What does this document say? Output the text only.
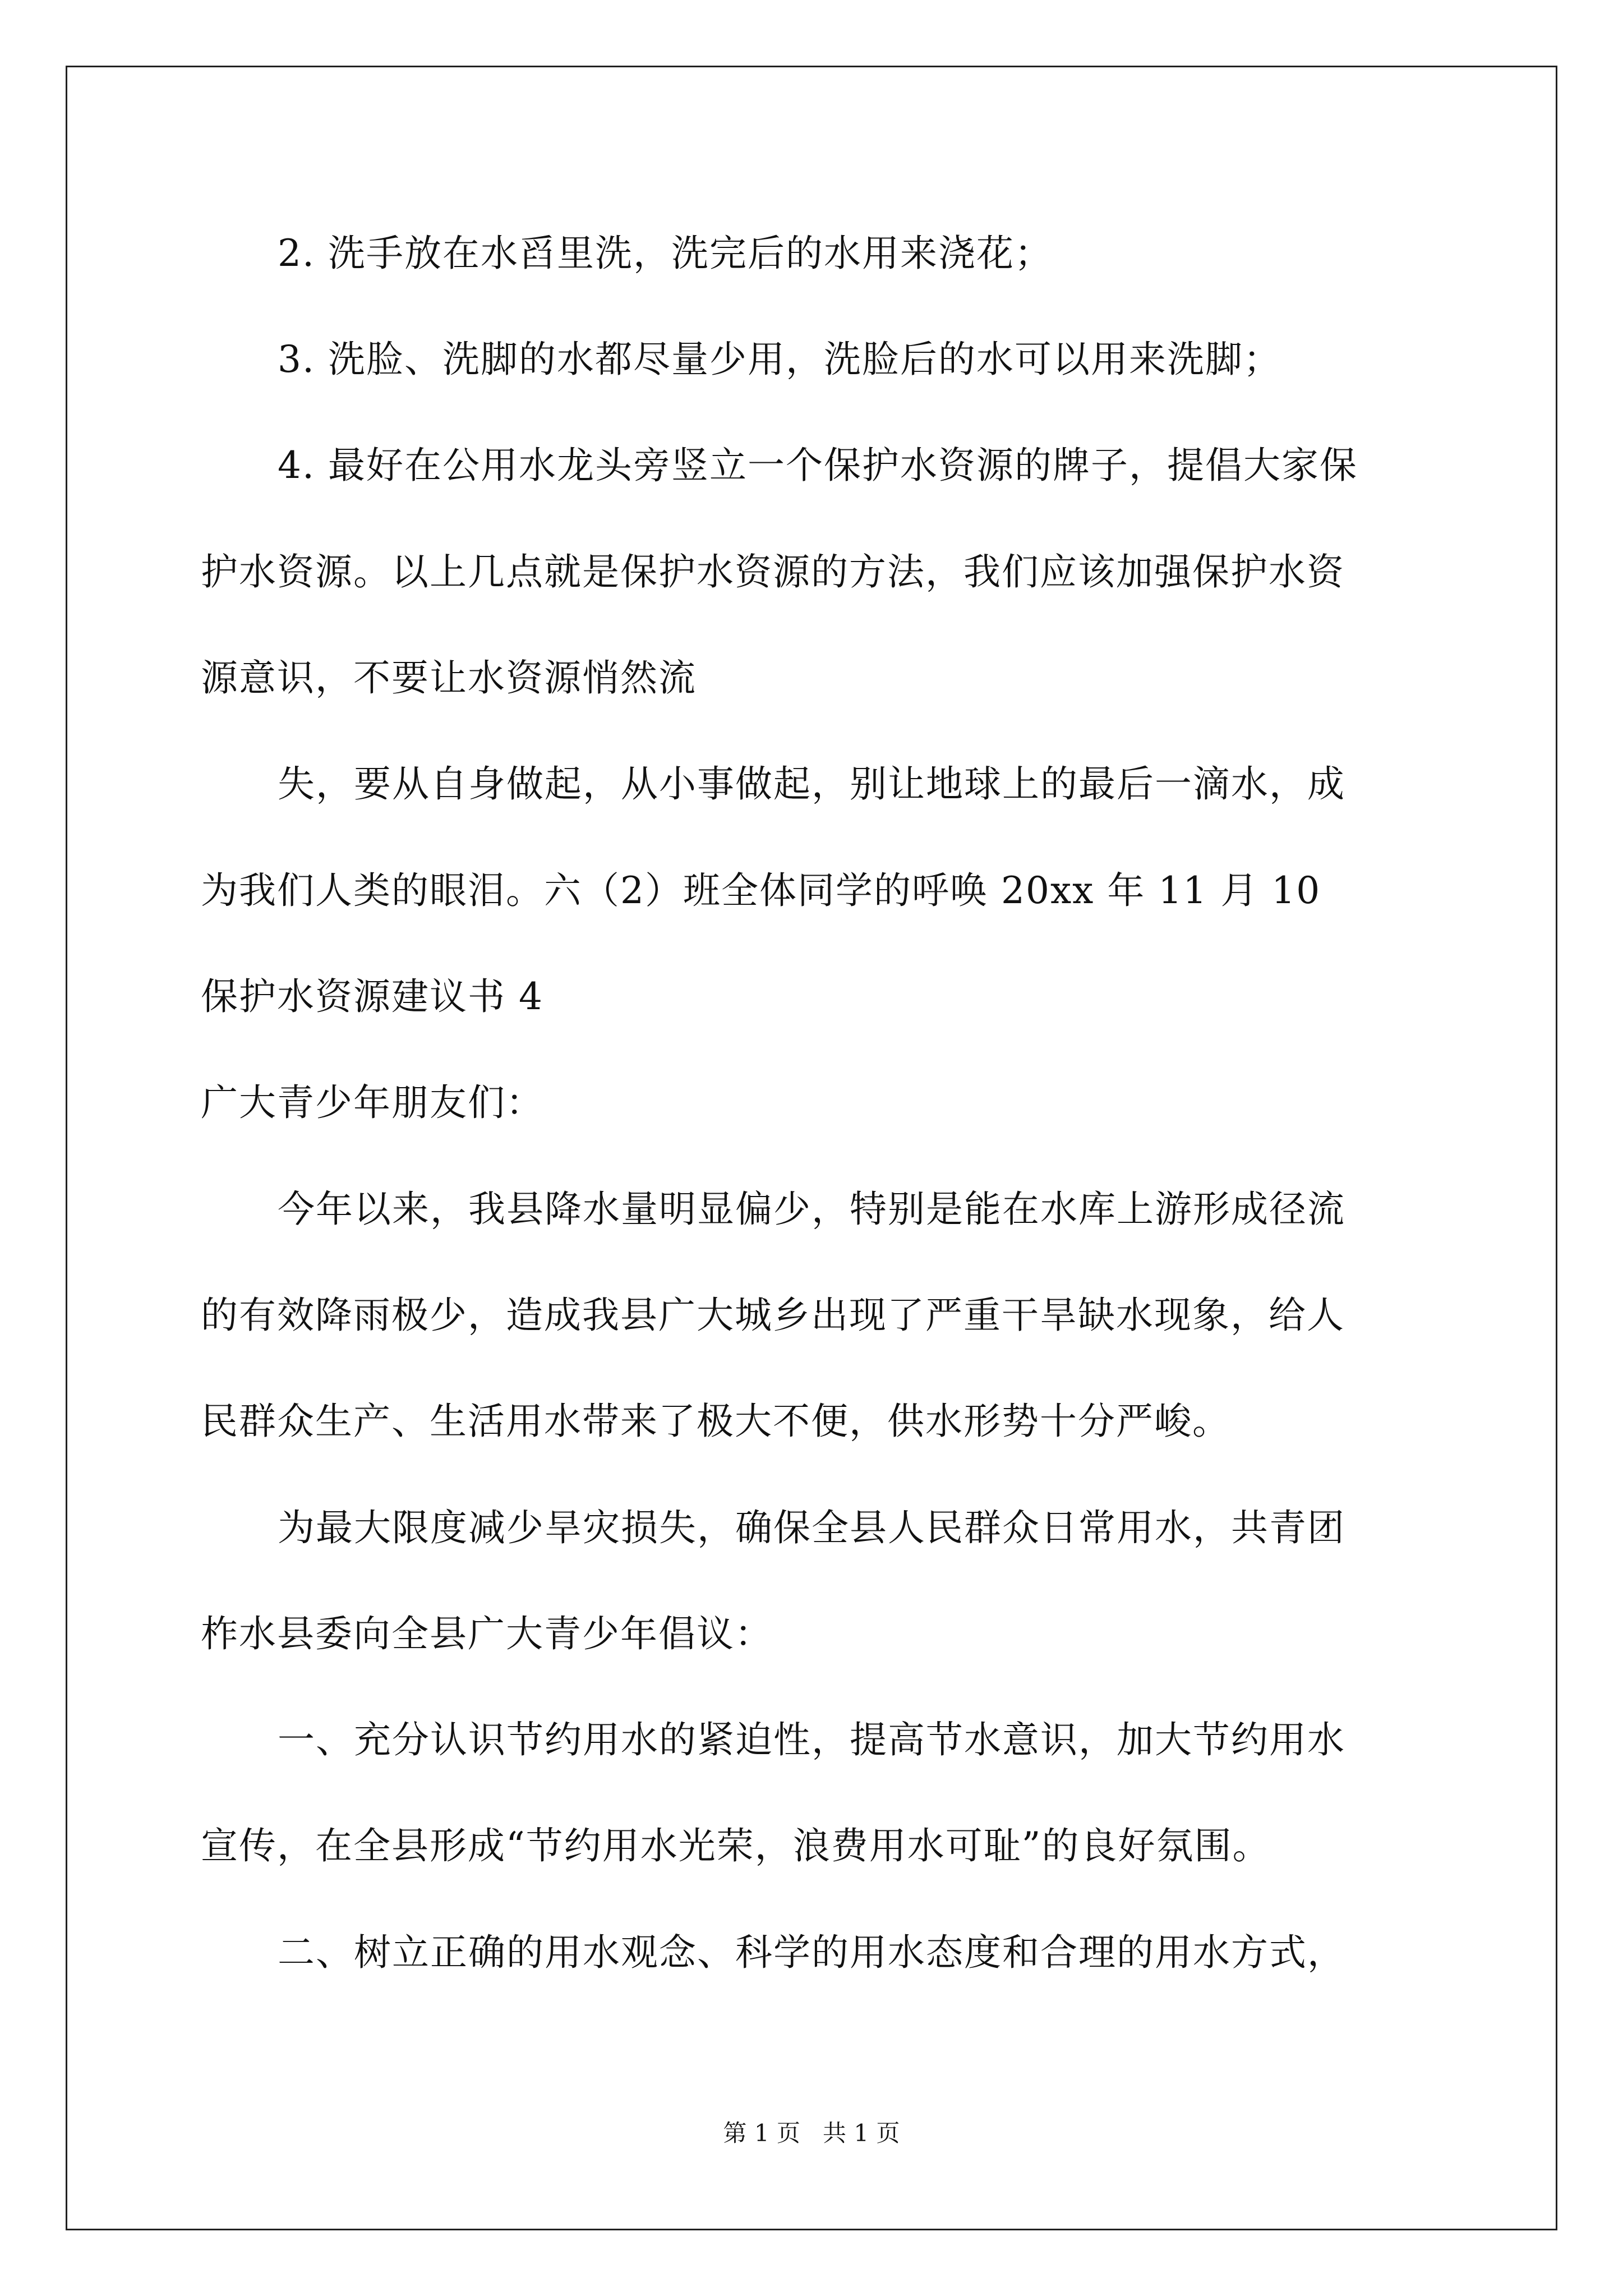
2. 洗手放在水舀里洗，洗完后的水用来浇花；
3. 洗脸、洗脚的水都尽量少用，洗脸后的水可以用来洗脚；
4. 最好在公用水龙头旁竖立一个保护水资源的牌子，提倡大家保
护水资源。以上几点就是保护水资源的方法，我们应该加强保护水资
源意识，不要让水资源悄然流
失，要从自身做起，从小事做起，别让地球上的最后一滴水，成
为我们人类的眼泪。六（2）班全体同学的呼唤 20xx 年 11 月 10
保护水资源建议书 4
广大青少年朋友们：
今年以来，我县降水量明显偏少，特别是能在水库上游形成径流
的有效降雨极少，造成我县广大城乡出现了严重干旱缺水现象，给人
民群众生产、生活用水带来了极大不便，供水形势十分严峻。
为最大限度减少旱灾损失，确保全县人民群众日常用水，共青团
柞水县委向全县广大青少年倡议：
一、充分认识节约用水的紧迫性，提高节水意识，加大节约用水
宣传，在全县形成“节约用水光荣，浪费用水可耻”的良好氛围。
二、树立正确的用水观念、科学的用水态度和合理的用水方式，
第 1 页   共 1 页
